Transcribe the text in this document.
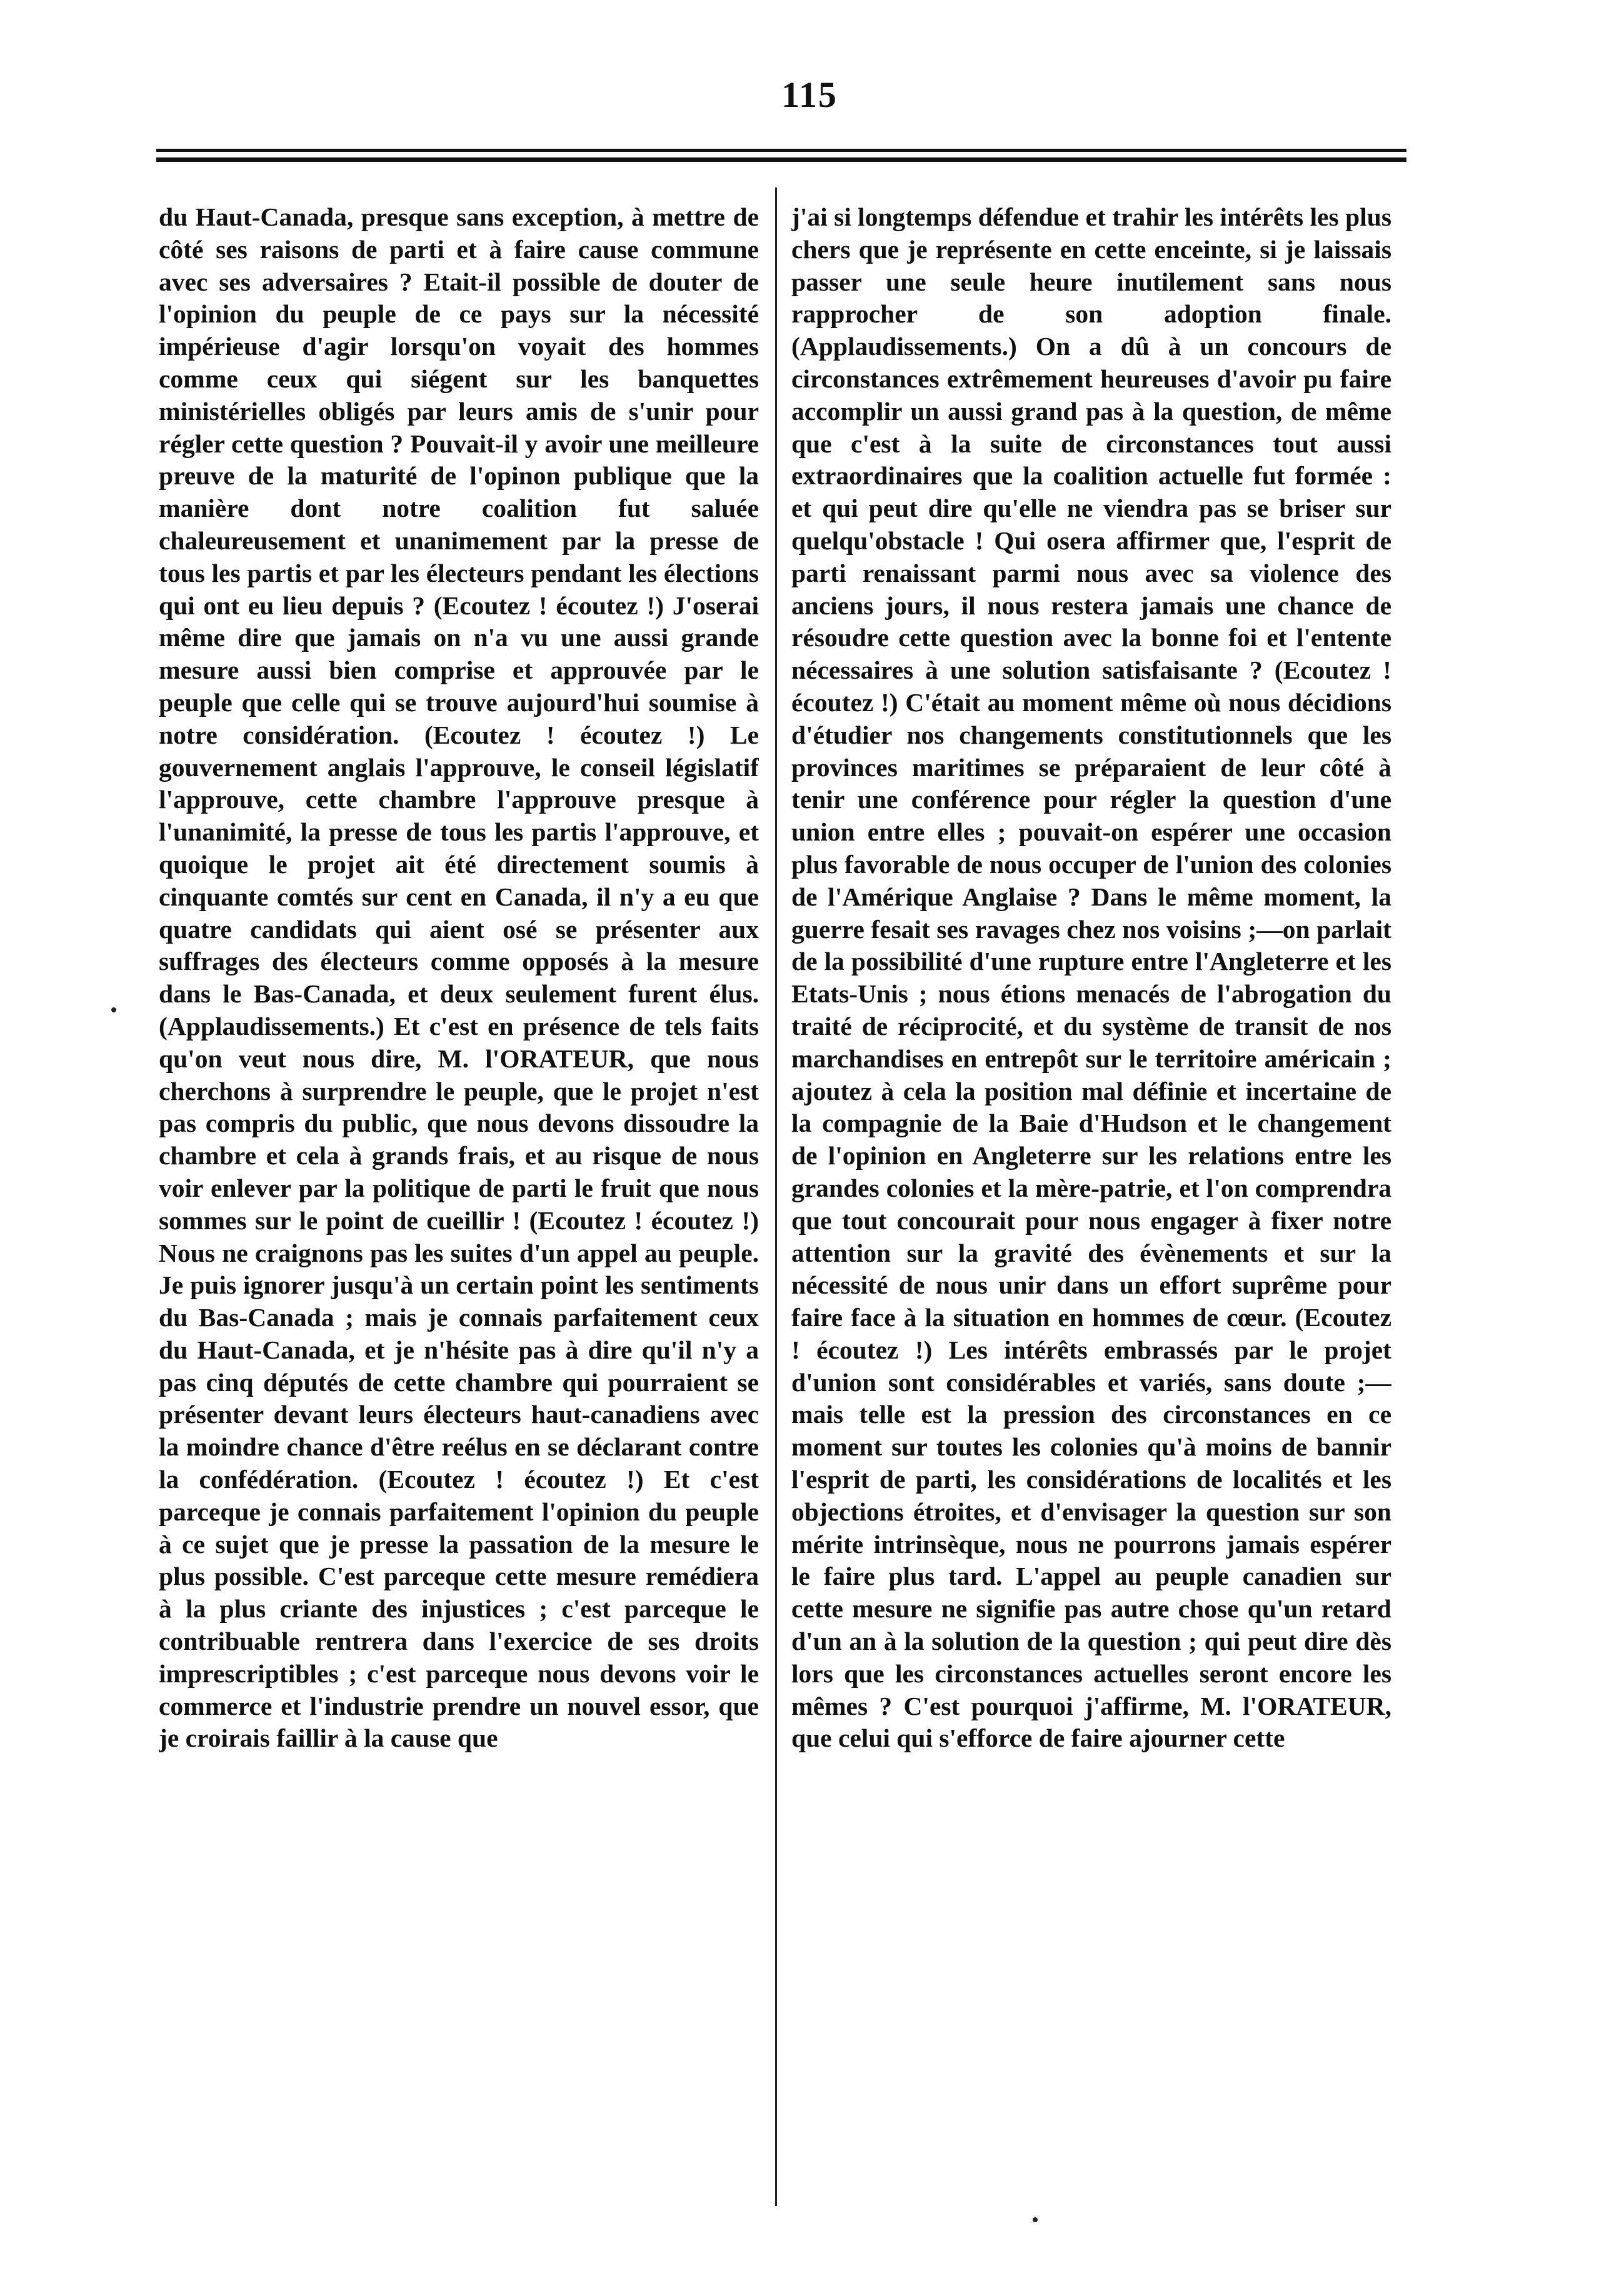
115

du Haut-Canada, presque sans exception, à mettre de côté ses raisons de parti et à faire cause commune avec ses adversaires ? Etait-il possible de douter de l'opinion du peuple de ce pays sur la nécessité impérieuse d'agir lorsqu'on voyait des hommes comme ceux qui siégent sur les banquettes ministérielles obligés par leurs amis de s'unir pour régler cette question ? Pouvait-il y avoir une meilleure preuve de la maturité de l'opinon publique que la manière dont notre coalition fut saluée chaleureusement et unanimement par la presse de tous les partis et par les électeurs pendant les élections qui ont eu lieu depuis ? (Ecoutez ! écoutez !) J'oserai même dire que jamais on n'a vu une aussi grande mesure aussi bien comprise et approuvée par le peuple que celle qui se trouve aujourd'hui soumise à notre considération. (Ecoutez ! écoutez !) Le gouvernement anglais l'approuve, le conseil législatif l'approuve, cette chambre l'approuve presque à l'unanimité, la presse de tous les partis l'approuve, et quoique le projet ait été directement soumis à cinquante comtés sur cent en Canada, il n'y a eu que quatre candidats qui aient osé se présenter aux suffrages des électeurs comme opposés à la mesure dans le Bas-Canada, et deux seulement furent élus. (Applaudissements.) Et c'est en présence de tels faits qu'on veut nous dire, M. l'ORATEUR, que nous cherchons à surprendre le peuple, que le projet n'est pas compris du public, que nous devons dissoudre la chambre et cela à grands frais, et au risque de nous voir enlever par la politique de parti le fruit que nous sommes sur le point de cueillir ! (Ecoutez ! écoutez !) Nous ne craignons pas les suites d'un appel au peuple. Je puis ignorer jusqu'à un certain point les sentiments du Bas-Canada ; mais je connais parfaitement ceux du Haut-Canada, et je n'hésite pas à dire qu'il n'y a pas cinq députés de cette chambre qui pourraient se présenter devant leurs électeurs haut-canadiens avec la moindre chance d'être reélus en se déclarant contre la confédération. (Ecoutez ! écoutez !) Et c'est parceque je connais parfaitement l'opinion du peuple à ce sujet que je presse la passation de la mesure le plus possible. C'est parceque cette mesure remédiera à la plus criante des injustices ; c'est parceque le contribuable rentrera dans l'exercice de ses droits imprescriptibles ; c'est parceque nous devons voir le commerce et l'industrie prendre un nouvel essor, que je croirais faillir à la cause que

j'ai si longtemps défendue et trahir les intérêts les plus chers que je représente en cette enceinte, si je laissais passer une seule heure inutilement sans nous rapprocher de son adoption finale. (Applaudissements.) On a dû à un concours de circonstances extrêmement heureuses d'avoir pu faire accomplir un aussi grand pas à la question, de même que c'est à la suite de circonstances tout aussi extraordinaires que la coalition actuelle fut formée : et qui peut dire qu'elle ne viendra pas se briser sur quelqu'obstacle ! Qui osera affirmer que, l'esprit de parti renaissant parmi nous avec sa violence des anciens jours, il nous restera jamais une chance de résoudre cette question avec la bonne foi et l'entente nécessaires à une solution satisfaisante ? (Ecoutez ! écoutez !) C'était au moment même où nous décidions d'étudier nos changements constitutionnels que les provinces maritimes se préparaient de leur côté à tenir une conférence pour régler la question d'une union entre elles ; pouvait-on espérer une occasion plus favorable de nous occuper de l'union des colonies de l'Amérique Anglaise ? Dans le même moment, la guerre fesait ses ravages chez nos voisins ;—on parlait de la possibilité d'une rupture entre l'Angleterre et les Etats-Unis ; nous étions menacés de l'abrogation du traité de réciprocité, et du système de transit de nos marchandises en entrepôt sur le territoire américain ; ajoutez à cela la position mal définie et incertaine de la compagnie de la Baie d'Hudson et le changement de l'opinion en Angleterre sur les relations entre les grandes colonies et la mère-patrie, et l'on comprendra que tout concourait pour nous engager à fixer notre attention sur la gravité des évènements et sur la nécessité de nous unir dans un effort suprême pour faire face à la situation en hommes de cœur. (Ecoutez ! écoutez !) Les intérêts embrassés par le projet d'union sont considérables et variés, sans doute ;— mais telle est la pression des circonstances en ce moment sur toutes les colonies qu'à moins de bannir l'esprit de parti, les considérations de localités et les objections étroites, et d'envisager la question sur son mérite intrinsèque, nous ne pourrons jamais espérer le faire plus tard. L'appel au peuple canadien sur cette mesure ne signifie pas autre chose qu'un retard d'un an à la solution de la question ; qui peut dire dès lors que les circonstances actuelles seront encore les mêmes ? C'est pourquoi j'affirme, M. l'ORATEUR, que celui qui s'efforce de faire ajourner cette
